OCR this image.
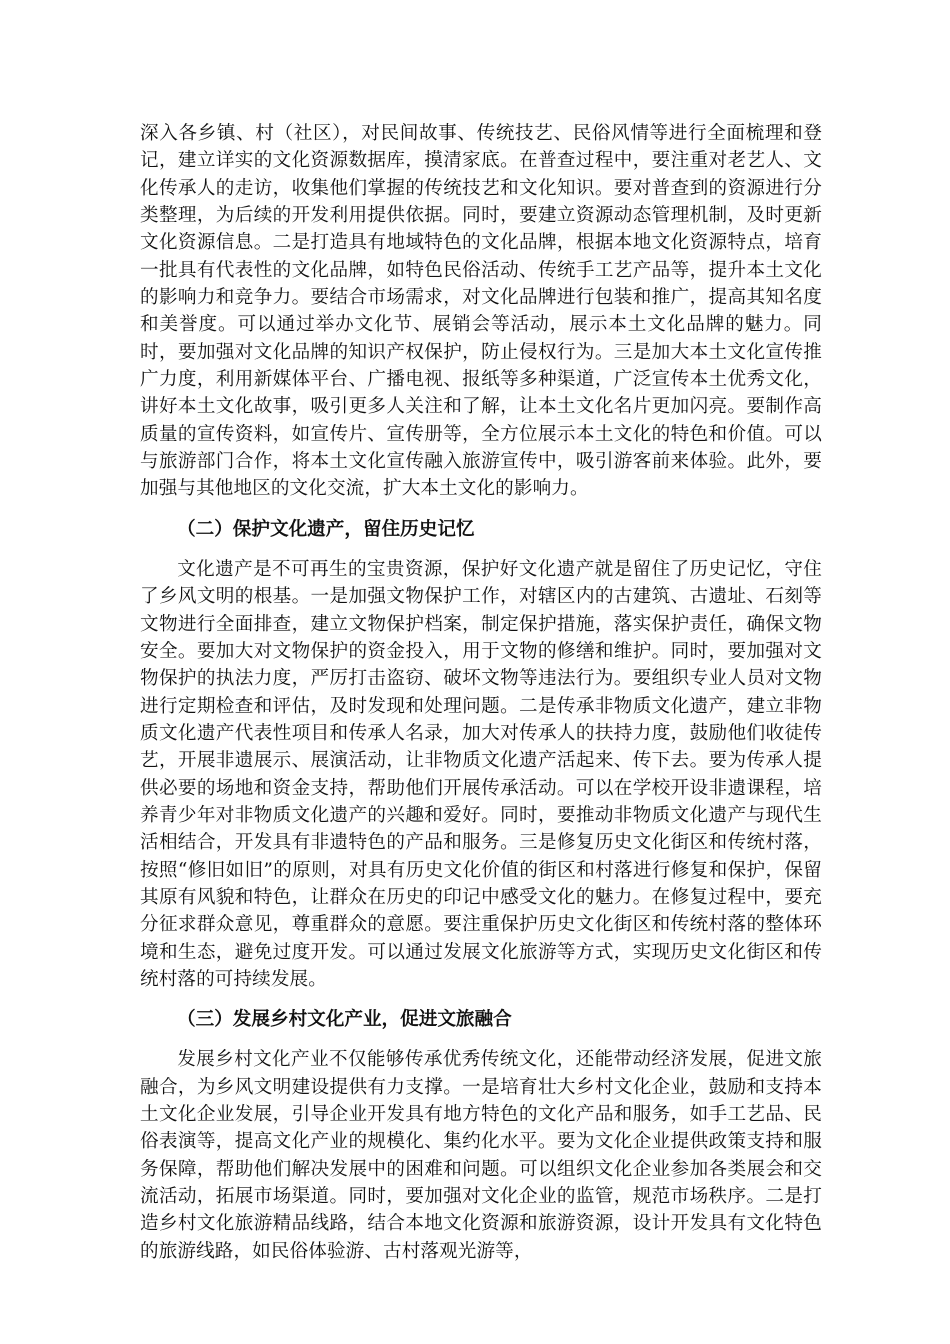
深入各乡镇、村（社区），对民间故事、传统技艺、民俗风情等进行全面梳理和登记，建立详实的文化资源数据库，摸清家底。在普查过程中，要注重对老艺人、文化传承人的走访，收集他们掌握的传统技艺和文化知识。要对普查到的资源进行分类整理，为后续的开发利用提供依据。同时，要建立资源动态管理机制，及时更新文化资源信息。二是打造具有地域特色的文化品牌，根据本地文化资源特点，培育一批具有代表性的文化品牌，如特色民俗活动、传统手工艺产品等，提升本土文化的影响力和竞争力。要结合市场需求，对文化品牌进行包装和推广，提高其知名度和美誉度。可以通过举办文化节、展销会等活动，展示本土文化品牌的魅力。同时，要加强对文化品牌的知识产权保护，防止侵权行为。三是加大本土文化宣传推广力度，利用新媒体平台、广播电视、报纸等多种渠道，广泛宣传本土优秀文化，讲好本土文化故事，吸引更多人关注和了解，让本土文化名片更加闪亮。要制作高质量的宣传资料，如宣传片、宣传册等，全方位展示本土文化的特色和价值。可以与旅游部门合作，将本土文化宣传融入旅游宣传中，吸引游客前来体验。此外，要加强与其他地区的文化交流，扩大本土文化的影响力。

（二）保护文化遗产，留住历史记忆

文化遗产是不可再生的宝贵资源，保护好文化遗产就是留住了历史记忆，守住了乡风文明的根基。一是加强文物保护工作，对辖区内的古建筑、古遗址、石刻等文物进行全面排查，建立文物保护档案，制定保护措施，落实保护责任，确保文物安全。要加大对文物保护的资金投入，用于文物的修缮和维护。同时，要加强对文物保护的执法力度，严厉打击盗窃、破坏文物等违法行为。要组织专业人员对文物进行定期检查和评估，及时发现和处理问题。二是传承非物质文化遗产，建立非物质文化遗产代表性项目和传承人名录，加大对传承人的扶持力度，鼓励他们收徒传艺，开展非遗展示、展演活动，让非物质文化遗产活起来、传下去。要为传承人提供必要的场地和资金支持，帮助他们开展传承活动。可以在学校开设非遗课程，培养青少年对非物质文化遗产的兴趣和爱好。同时，要推动非物质文化遗产与现代生活相结合，开发具有非遗特色的产品和服务。三是修复历史文化街区和传统村落，按照“修旧如旧”的原则，对具有历史文化价值的街区和村落进行修复和保护，保留其原有风貌和特色，让群众在历史的印记中感受文化的魅力。在修复过程中，要充分征求群众意见，尊重群众的意愿。要注重保护历史文化街区和传统村落的整体环境和生态，避免过度开发。可以通过发展文化旅游等方式，实现历史文化街区和传统村落的可持续发展。

（三）发展乡村文化产业，促进文旅融合

发展乡村文化产业不仅能够传承优秀传统文化，还能带动经济发展，促进文旅融合，为乡风文明建设提供有力支撑。一是培育壮大乡村文化企业，鼓励和支持本土文化企业发展，引导企业开发具有地方特色的文化产品和服务，如手工艺品、民俗表演等，提高文化产业的规模化、集约化水平。要为文化企业提供政策支持和服务保障，帮助他们解决发展中的困难和问题。可以组织文化企业参加各类展会和交流活动，拓展市场渠道。同时，要加强对文化企业的监管，规范市场秩序。二是打造乡村文化旅游精品线路，结合本地文化资源和旅游资源，设计开发具有文化特色的旅游线路，如民俗体验游、古村落观光游等，
